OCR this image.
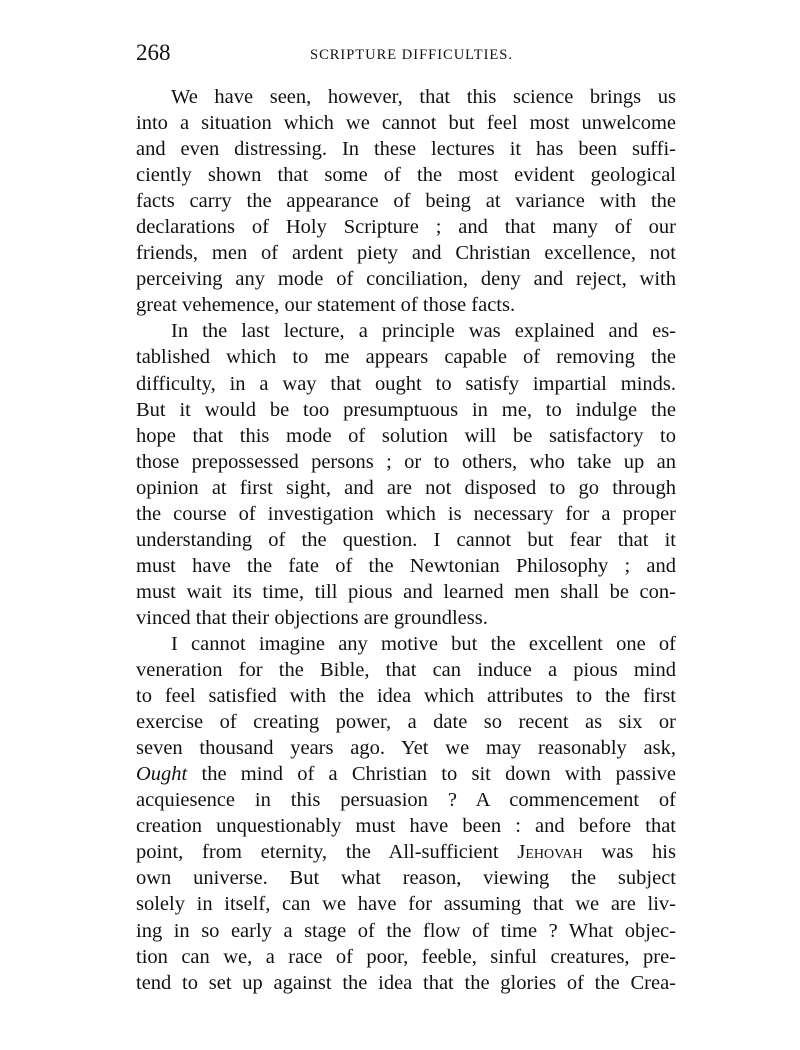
268	SCRIPTURE DIFFICULTIES.
We have seen, however, that this science brings us
into a situation which we cannot but feel most unwelcome
and even distressing. In these lectures it has been suffi-
ciently shown that some of the most evident geological
facts carry the appearance of being at variance with the
declarations of Holy Scripture ; and that many of our
friends, men of ardent piety and Christian excellence, not
perceiving any mode of conciliation, deny and reject, with
great vehemence, our statement of those facts.
In the last lecture, a principle was explained and es-
tablished which to me appears capable of removing the
difficulty, in a way that ought to satisfy impartial minds.
But it would be too presumptuous in me, to indulge the
hope that this mode of solution will be satisfactory to
those prepossessed persons ; or to others, who take up an
opinion at first sight, and are not disposed to go through
the course of investigation which is necessary for a proper
understanding of the question. I cannot but fear that it
must have the fate of the Newtonian Philosophy ; and
must wait its time, till pious and learned men shall be con-
vinced that their objections are groundless.
I cannot imagine any motive but the excellent one of
veneration for the Bible, that can induce a pious mind
to feel satisfied with the idea which attributes to the first
exercise of creating power, a date so recent as six or
seven thousand years ago. Yet we may reasonably ask,
Ought the mind of a Christian to sit down with passive
acquiesence in this persuasion ? A commencement of
creation unquestionably must have been : and before that
point, from eternity, the All-sufficient Jehovah was his
own universe. But what reason, viewing the subject
solely in itself, can we have for assuming that we are liv-
ing in so early a stage of the flow of time ? What objec-
tion can we, a race of poor, feeble, sinful creatures, pre-
tend to set up against the idea that the glories of the Crea-
